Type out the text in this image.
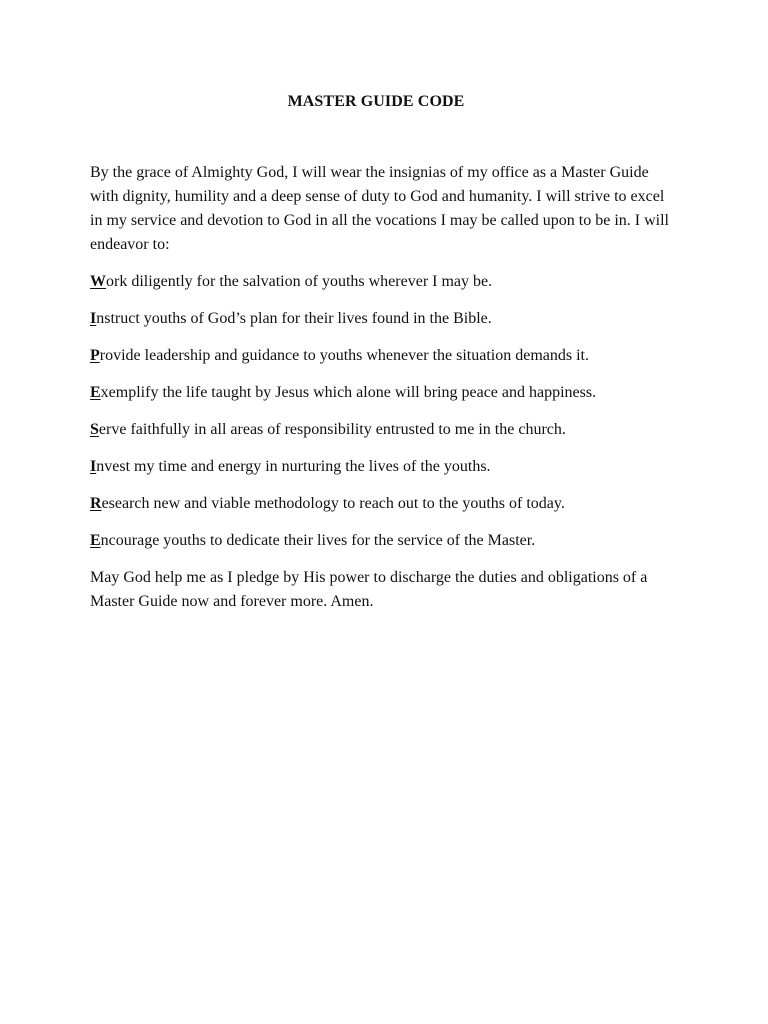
MASTER GUIDE CODE

By the grace of Almighty God, I will wear the insignias of my office as a Master Guide with dignity, humility and a deep sense of duty to God and humanity. I will strive to excel in my service and devotion to God in all the vocations I may be called upon to be in. I will endeavor to:

Work diligently for the salvation of youths wherever I may be.
Instruct youths of God’s plan for their lives found in the Bible.
Provide leadership and guidance to youths whenever the situation demands it.
Exemplify the life taught by Jesus which alone will bring peace and happiness.
Serve faithfully in all areas of responsibility entrusted to me in the church.
Invest my time and energy in nurturing the lives of the youths.
Research new and viable methodology to reach out to the youths of today.
Encourage youths to dedicate their lives for the service of the Master.

May God help me as I pledge by His power to discharge the duties and obligations of a Master Guide now and forever more. Amen.
